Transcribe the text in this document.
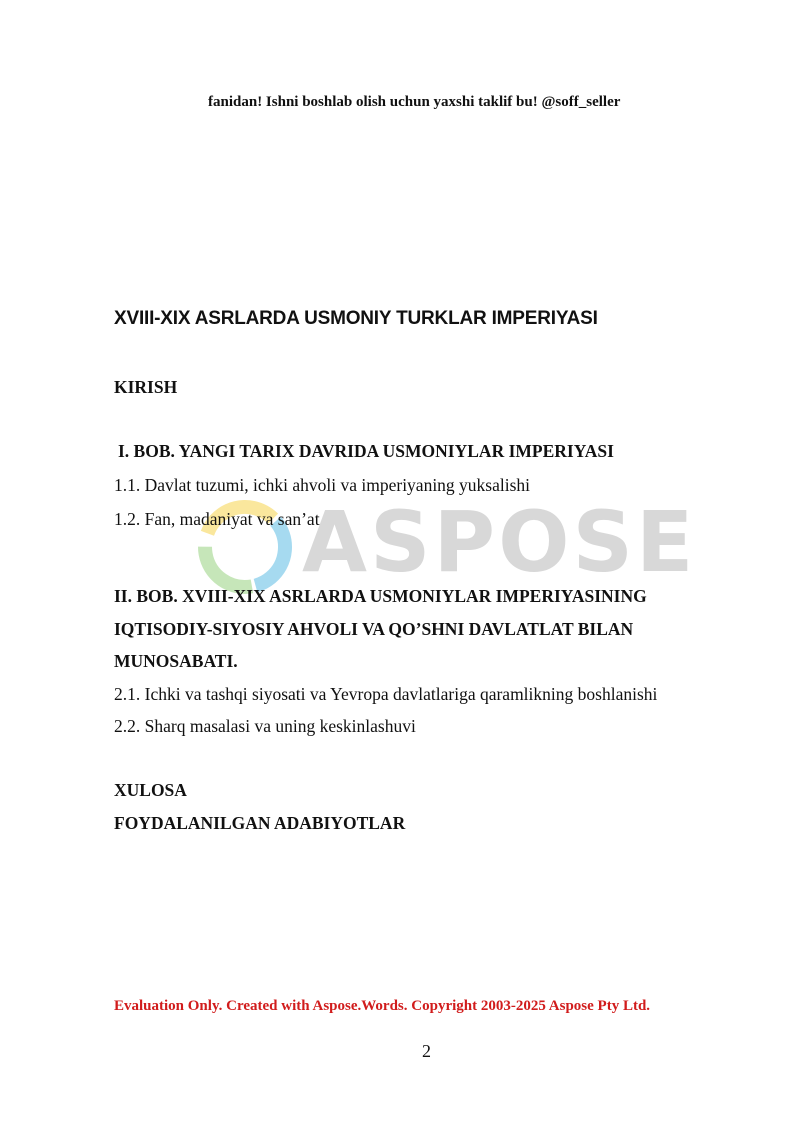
ASPOSE
fanidan! Ishni boshlab olish uchun yaxshi taklif bu! @soff_seller
XVIII-XIX ASRLARDA USMONIY TURKLAR IMPERIYASI
KIRISH
I. BOB. YANGI TARIX DAVRIDA USMONIYLAR IMPERIYASI
1.1. Davlat tuzumi, ichki ahvoli va imperiyaning yuksalishi
1.2. Fan, madaniyat va san’at
II. BOB. XVIII-XIX ASRLARDA USMONIYLAR IMPERIYASINING
IQTISODIY-SIYOSIY AHVOLI VA QO’SHNI DAVLATLAT BILAN
MUNOSABATI.
2.1. Ichki va tashqi siyosati va Yevropa davlatlariga qaramlikning boshlanishi
2.2. Sharq masalasi va uning keskinlashuvi
XULOSA
FOYDALANILGAN ADABIYOTLAR
Evaluation Only. Created with Aspose.Words. Copyright 2003-2025 Aspose Pty Ltd.
2
